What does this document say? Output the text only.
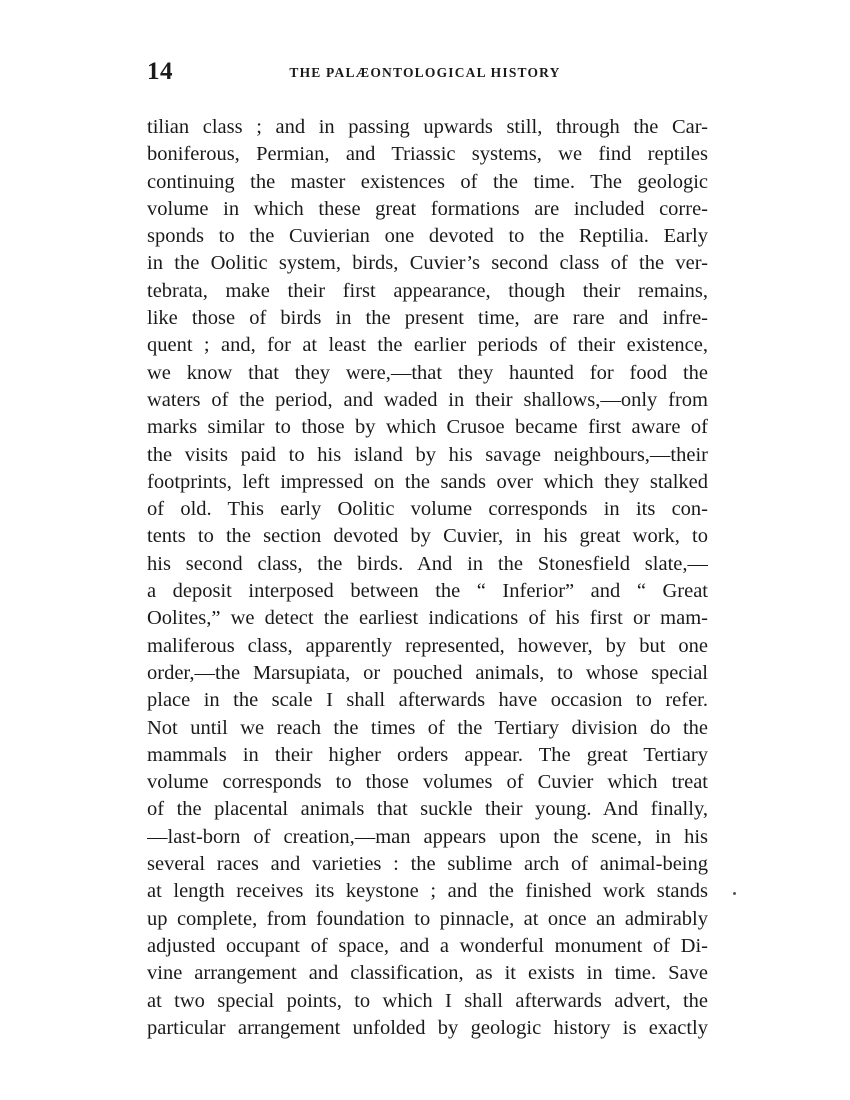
14	THE PALÆONTOLOGICAL HISTORY
tilian class ; and in passing upwards still, through the Car-
boniferous, Permian, and Triassic systems, we find reptiles
continuing the master existences of the time. The geologic
volume in which these great formations are included corre-
sponds to the Cuvierian one devoted to the Reptilia. Early
in the Oolitic system, birds, Cuvier’s second class of the ver-
tebrata, make their first appearance, though their remains,
like those of birds in the present time, are rare and infre-
quent ; and, for at least the earlier periods of their existence,
we know that they were,—that they haunted for food the
waters of the period, and waded in their shallows,—only from
marks similar to those by which Crusoe became first aware of
the visits paid to his island by his savage neighbours,—their
footprints, left impressed on the sands over which they stalked
of old. This early Oolitic volume corresponds in its con-
tents to the section devoted by Cuvier, in his great work, to
his second class, the birds. And in the Stonesfield slate,—
a deposit interposed between the “ Inferior” and “ Great
Oolites,” we detect the earliest indications of his first or mam-
maliferous class, apparently represented, however, by but one
order,—the Marsupiata, or pouched animals, to whose special
place in the scale I shall afterwards have occasion to refer.
Not until we reach the times of the Tertiary division do the
mammals in their higher orders appear. The great Tertiary
volume corresponds to those volumes of Cuvier which treat
of the placental animals that suckle their young. And finally,
—last-born of creation,—man appears upon the scene, in his
several races and varieties : the sublime arch of animal-being
at length receives its keystone ; and the finished work stands
up complete, from foundation to pinnacle, at once an admirably
adjusted occupant of space, and a wonderful monument of Di-
vine arrangement and classification, as it exists in time. Save
at two special points, to which I shall afterwards advert, the
particular arrangement unfolded by geologic history is exactly
